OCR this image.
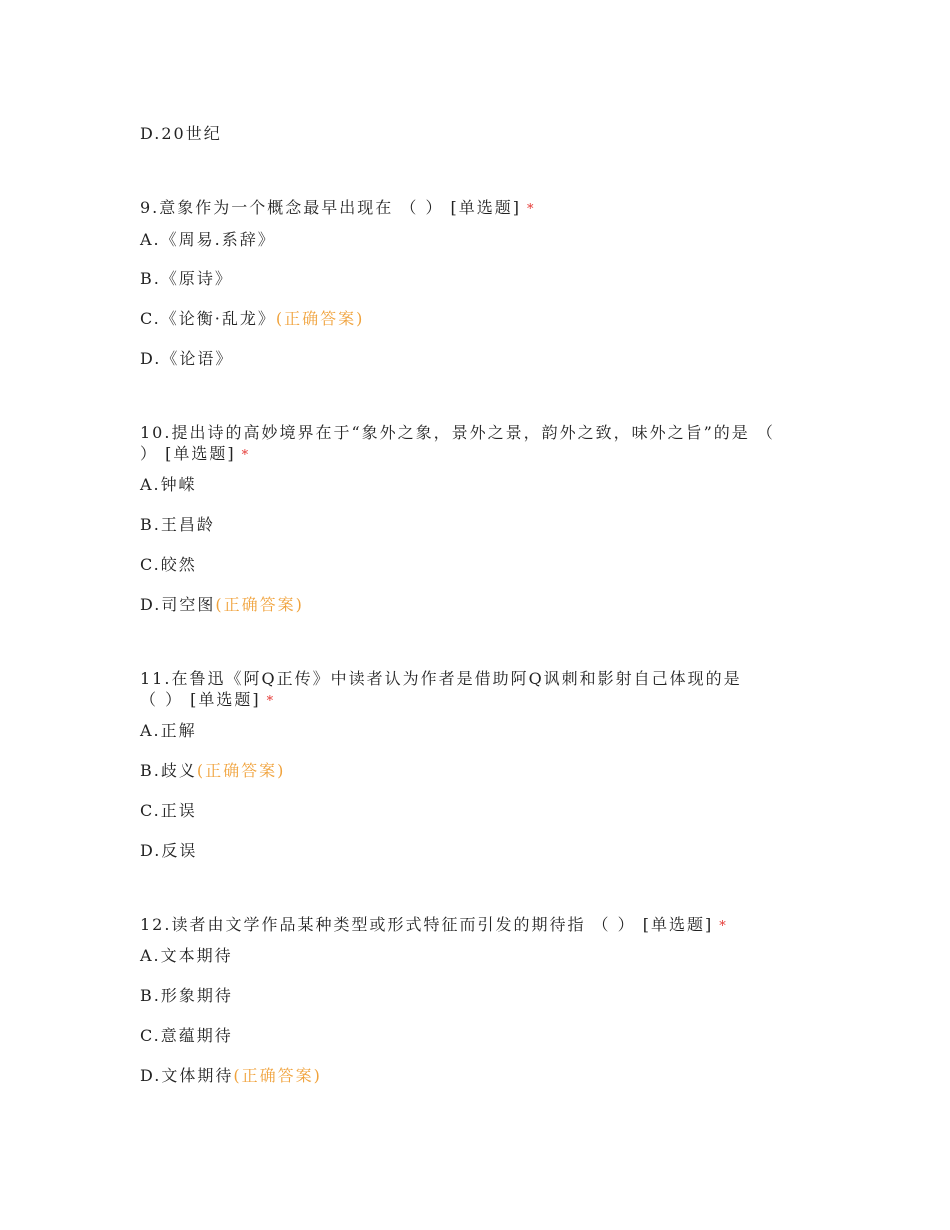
D.20世纪
9.意象作为一个概念最早出现在 （ ） [单选题] *
A.《周易.系辞》
B.《原诗》
C.《论衡·乱龙》(正确答案)
D.《论语》
10.提出诗的高妙境界在于“象外之象，景外之景，韵外之致，味外之旨”的是 （
） [单选题] *
A.钟嵘
B.王昌龄
C.皎然
D.司空图(正确答案)
11.在鲁迅《阿Q正传》中读者认为作者是借助阿Q讽刺和影射自己体现的是
（ ） [单选题] *
A.正解
B.歧义(正确答案)
C.正误
D.反误
12.读者由文学作品某种类型或形式特征而引发的期待指 （ ） [单选题] *
A.文本期待
B.形象期待
C.意蕴期待
D.文体期待(正确答案)
